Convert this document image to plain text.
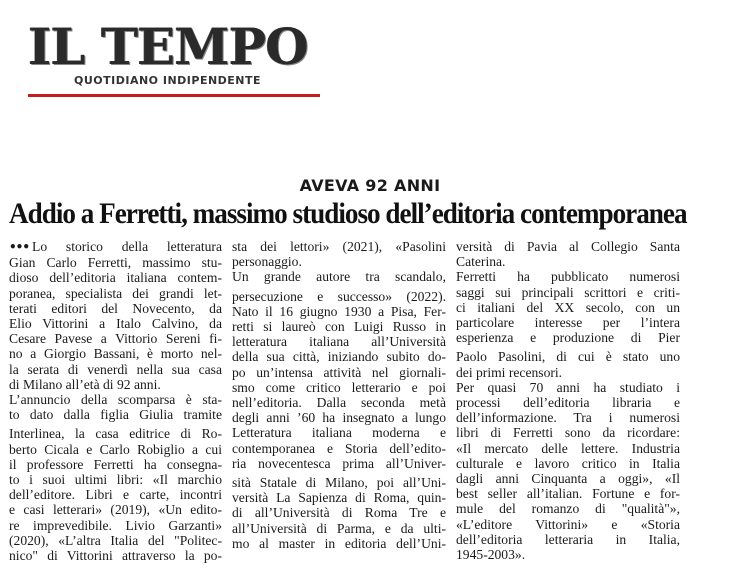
IL TEMPO
QUOTIDIANO INDIPENDENTE
AVEVA 92 ANNI
Addio a Ferretti, massimo studioso dell’editoria contemporanea

••• Lo storico della letteratura

Gian Carlo Ferretti, massimo stu-

dioso dell’editoria italiana contem-

poranea, specialista dei grandi let-

terati editori del Novecento, da

Elio Vittorini a Italo Calvino, da

Cesare Pavese a Vittorio Sereni fi-

no a Giorgio Bassani, è morto nel-

la serata di venerdì nella sua casa

di Milano all’età di 92 anni.

L’annuncio della scomparsa è sta-

to dato dalla figlia Giulia tramite

Interlinea, la casa editrice di Ro-

berto Cicala e Carlo Robiglio a cui

il professore Ferretti ha consegna-

to i suoi ultimi libri: «Il marchio

dell’editore. Libri e carte, incontri

e casi letterari» (2019), «Un edito-

re imprevedibile. Livio Garzanti»

(2020), «L’altra Italia del "Politec-

nico" di Vittorini attraverso la po-

sta dei lettori» (2021), «Pasolini

personaggio.

Un grande autore tra scandalo,

persecuzione e successo» (2022).

Nato il 16 giugno 1930 a Pisa, Fer-

retti si laureò con Luigi Russo in

letteratura italiana all’Università

della sua città, iniziando subito do-

po un’intensa attività nel giornali-

smo come critico letterario e poi

nell’editoria. Dalla seconda metà

degli anni ’60 ha insegnato a lungo

Letteratura italiana moderna e

contemporanea e Storia dell’edito-

ria novecentesca prima all’Univer-

sità Statale di Milano, poi all’Uni-

versità La Sapienza di Roma, quin-

di all’Università di Roma Tre e

all’Università di Parma, e da ulti-

mo al master in editoria dell’Uni-

versità di Pavia al Collegio Santa

Caterina.

Ferretti ha pubblicato numerosi

saggi sui principali scrittori e criti-

ci italiani del XX secolo, con un

particolare interesse per l’intera

esperienza e produzione di Pier

Paolo Pasolini, di cui è stato uno

dei primi recensori.

Per quasi 70 anni ha studiato i

processi dell’editoria libraria e

dell’informazione. Tra i numerosi

libri di Ferretti sono da ricordare:

«Il mercato delle lettere. Industria

culturale e lavoro critico in Italia

dagli anni Cinquanta a oggi», «Il

best seller all’italian. Fortune e for-

mule del romanzo di "qualità"»,

«L’editore Vittorini» e «Storia

dell’editoria letteraria in Italia,

1945-2003».
